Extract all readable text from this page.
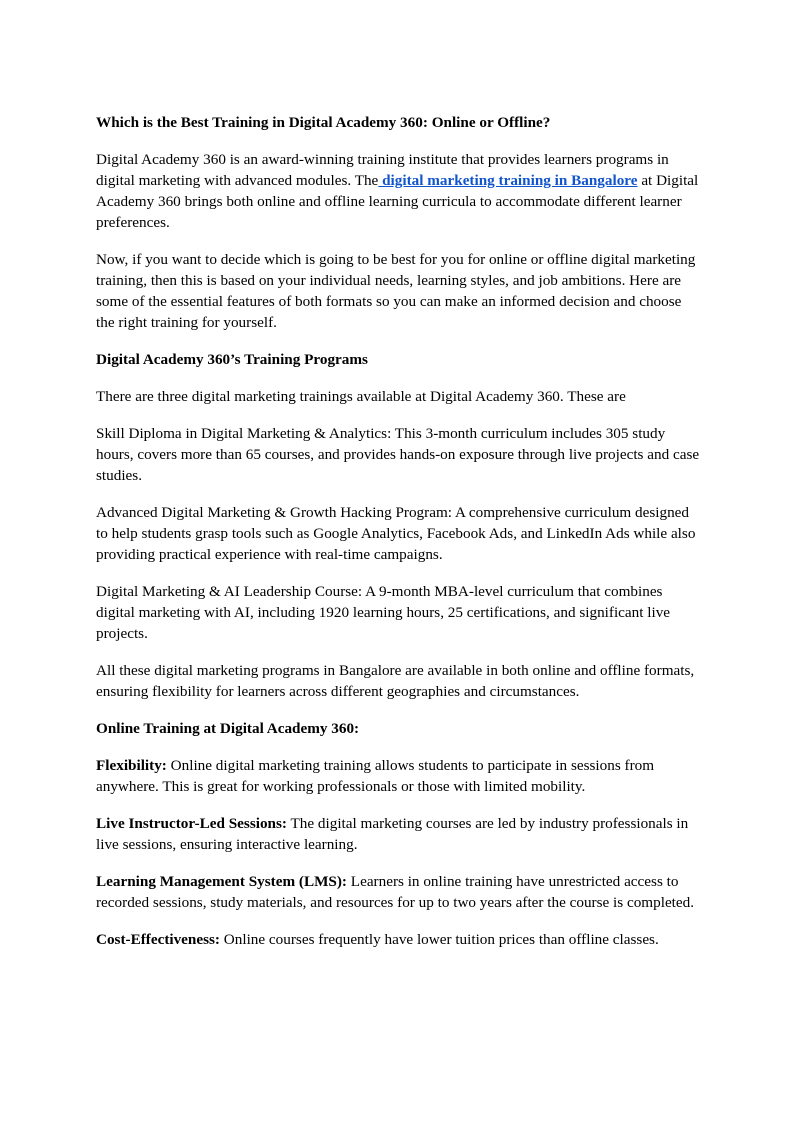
Which is the Best Training in Digital Academy 360: Online or Offline?

Digital Academy 360 is an award-winning training institute that provides learners programs in digital marketing with advanced modules. The digital marketing training in Bangalore at Digital Academy 360 brings both online and offline learning curricula to accommodate different learner preferences.

Now, if you want to decide which is going to be best for you for online or offline digital marketing training, then this is based on your individual needs, learning styles, and job ambitions. Here are some of the essential features of both formats so you can make an informed decision and choose the right training for yourself.

Digital Academy 360’s Training Programs

There are three digital marketing trainings available at Digital Academy 360. These are

Skill Diploma in Digital Marketing & Analytics: This 3-month curriculum includes 305 study hours, covers more than 65 courses, and provides hands-on exposure through live projects and case studies.

Advanced Digital Marketing & Growth Hacking Program: A comprehensive curriculum designed to help students grasp tools such as Google Analytics, Facebook Ads, and LinkedIn Ads while also providing practical experience with real-time campaigns.

Digital Marketing & AI Leadership Course: A 9-month MBA-level curriculum that combines digital marketing with AI, including 1920 learning hours, 25 certifications, and significant live projects.

All these digital marketing programs in Bangalore are available in both online and offline formats, ensuring flexibility for learners across different geographies and circumstances.

Online Training at Digital Academy 360:

Flexibility: Online digital marketing training allows students to participate in sessions from anywhere. This is great for working professionals or those with limited mobility.

Live Instructor-Led Sessions: The digital marketing courses are led by industry professionals in live sessions, ensuring interactive learning.

Learning Management System (LMS): Learners in online training have unrestricted access to recorded sessions, study materials, and resources for up to two years after the course is completed.

Cost-Effectiveness: Online courses frequently have lower tuition prices than offline classes.
